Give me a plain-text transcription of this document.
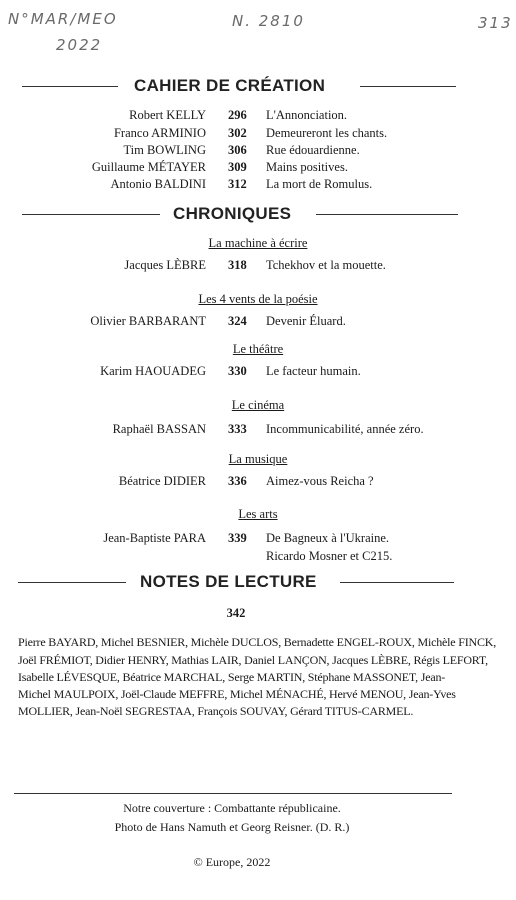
N°MAR/MEO
2022
N. 2810	313
CAHIER DE CRÉATION
Robert KELLY 296 L'Annonciation.
Franco ARMINIO 302 Demeureront les chants.
Tim BOWLING 306 Rue édouardienne.
Guillaume MÉTAYER 309 Mains positives.
Antonio BALDINI 312 La mort de Romulus.
CHRONIQUES
La machine à écrire
Jacques LÈBRE 318 Tchekhov et la mouette.
Les 4 vents de la poésie
Olivier BARBARANT 324 Devenir Éluard.
Le théâtre
Karim HAOUADEG 330 Le facteur humain.
Le cinéma
Raphaël BASSAN 333 Incommunicabilité, année zéro.
La musique
Béatrice DIDIER 336 Aimez-vous Reicha ?
Les arts
Jean-Baptiste PARA 339 De Bagneux à l'Ukraine.
Ricardo Mosner et C215.
NOTES DE LECTURE
342
Pierre BAYARD, Michel BESNIER, Michèle DUCLOS, Bernadette ENGEL-ROUX, Michèle FINCK,
Joël FRÉMIOT, Didier HENRY, Mathias LAIR, Daniel LANÇON, Jacques LÈBRE, Régis LEFORT,
Isabelle LÉVESQUE, Béatrice MARCHAL, Serge MARTIN, Stéphane MASSONET, Jean-
Michel MAULPOIX, Joël-Claude MEFFRE, Michel MÉNACHÉ, Hervé MENOU, Jean-Yves
MOLLIER, Jean-Noël SEGRESTAA, François SOUVAY, Gérard TITUS-CARMEL.
Notre couverture : Combattante républicaine.
Photo de Hans Namuth et Georg Reisner. (D. R.)
© Europe, 2022
